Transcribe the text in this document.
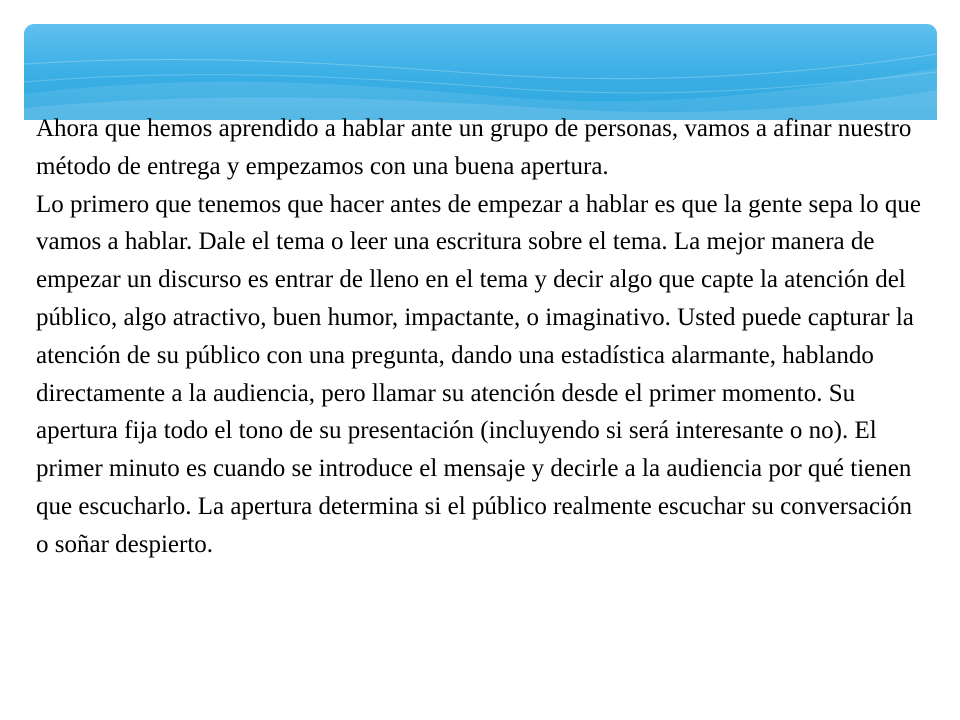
Ahora que hemos aprendido a hablar ante un grupo de personas, vamos a afinar nuestro método de entrega y empezamos con una buena apertura.

Lo primero que tenemos que hacer antes de empezar a hablar es que la gente sepa lo que vamos a hablar. Dale el tema o leer una escritura sobre el tema. La mejor manera de empezar un discurso es entrar de lleno en el tema y decir algo que capte la atención del público, algo atractivo, buen humor, impactante, o imaginativo. Usted puede capturar la atención de su público con una pregunta, dando una estadística alarmante, hablando directamente a la audiencia, pero llamar su atención desde el primer momento. Su apertura fija todo el tono de su presentación (incluyendo si será interesante o no). El primer minuto es cuando se introduce el mensaje y decirle a la audiencia por qué tienen que escucharlo. La apertura determina si el público realmente escuchar su conversación o soñar despierto.
